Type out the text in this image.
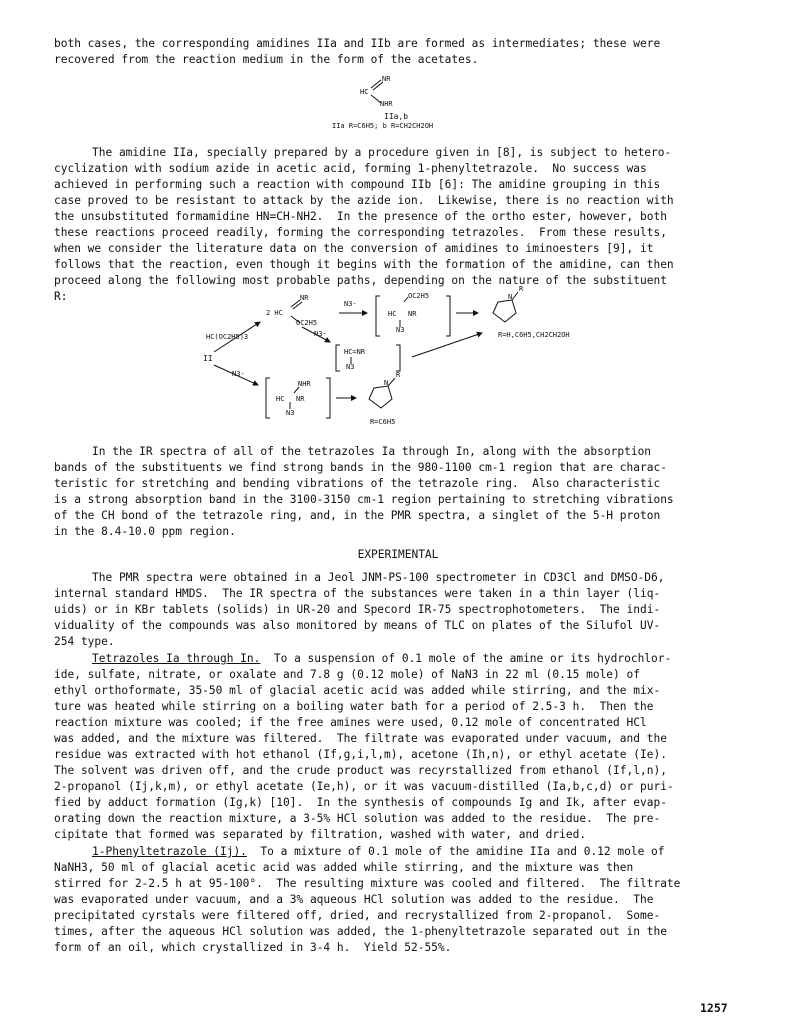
both cases, the corresponding amidines IIa and IIb are formed as intermediates; these were
recovered from the reaction medium in the form of the acetates.
NR
HC
NHR
IIa,b
IIa R=C6H5; b R=CH2CH2OH
The amidine IIa, specially prepared by a procedure given in [8], is subject to hetero-
cyclization with sodium azide in acetic acid, forming 1-phenyltetrazole.  No success was
achieved in performing such a reaction with compound IIb [6]: The amidine grouping in this
case proved to be resistant to attack by the azide ion.  Likewise, there is no reaction with
the unsubstituted formamidine HN=CH-NH2.  In the presence of the ortho ester, however, both
these reactions proceed readily, forming the corresponding tetrazoles.  From these results,
when we consider the literature data on the conversion of amidines to iminoesters [9], it
follows that the reaction, even though it begins with the formation of the amidine, can then
proceed along the following most probable paths, depending on the nature of the substituent
R:
HC(OC2H5)3
II
2 HC
NR
OC2H5
N3-
OC2H5
HC NR
N3
N3-
HC=NR
N3
N3-
NHR
HC NR
N3
R
N
R=H,C6H5,CH2CH2OH
R
N
R=C6H5
In the IR spectra of all of the tetrazoles Ia through In, along with the absorption
bands of the substituents we find strong bands in the 980-1100 cm-1 region that are charac-
teristic for stretching and bending vibrations of the tetrazole ring.  Also characteristic
is a strong absorption band in the 3100-3150 cm-1 region pertaining to stretching vibrations
of the CH bond of the tetrazole ring, and, in the PMR spectra, a singlet of the 5-H proton
in the 8.4-10.0 ppm region.
EXPERIMENTAL
The PMR spectra were obtained in a Jeol JNM-PS-100 spectrometer in CD3Cl and DMSO-D6,
internal standard HMDS.  The IR spectra of the substances were taken in a thin layer (liq-
uids) or in KBr tablets (solids) in UR-20 and Specord IR-75 spectrophotometers.  The indi-
viduality of the compounds was also monitored by means of TLC on plates of the Silufol UV-
254 type.
Tetrazoles Ia through In.  To a suspension of 0.1 mole of the amine or its hydrochlor-
ide, sulfate, nitrate, or oxalate and 7.8 g (0.12 mole) of NaN3 in 22 ml (0.15 mole) of
ethyl orthoformate, 35-50 ml of glacial acetic acid was added while stirring, and the mix-
ture was heated while stirring on a boiling water bath for a period of 2.5-3 h.  Then the
reaction mixture was cooled; if the free amines were used, 0.12 mole of concentrated HCl
was added, and the mixture was filtered.  The filtrate was evaporated under vacuum, and the
residue was extracted with hot ethanol (If,g,i,l,m), acetone (Ih,n), or ethyl acetate (Ie).
The solvent was driven off, and the crude product was recyrstallized from ethanol (If,l,n),
2-propanol (Ij,k,m), or ethyl acetate (Ie,h), or it was vacuum-distilled (Ia,b,c,d) or puri-
fied by adduct formation (Ig,k) [10].  In the synthesis of compounds Ig and Ik, after evap-
orating down the reaction mixture, a 3-5% HCl solution was added to the residue.  The pre-
cipitate that formed was separated by filtration, washed with water, and dried.
1-Phenyltetrazole (Ij).  To a mixture of 0.1 mole of the amidine IIa and 0.12 mole of
NaNH3, 50 ml of glacial acetic acid was added while stirring, and the mixture was then
stirred for 2-2.5 h at 95-100°.  The resulting mixture was cooled and filtered.  The filtrate
was evaporated under vacuum, and a 3% aqueous HCl solution was added to the residue.  The
precipitated cyrstals were filtered off, dried, and recrystallized from 2-propanol.  Some-
times, after the aqueous HCl solution was added, the 1-phenyltetrazole separated out in the
form of an oil, which crystallized in 3-4 h.  Yield 52-55%.
1257
